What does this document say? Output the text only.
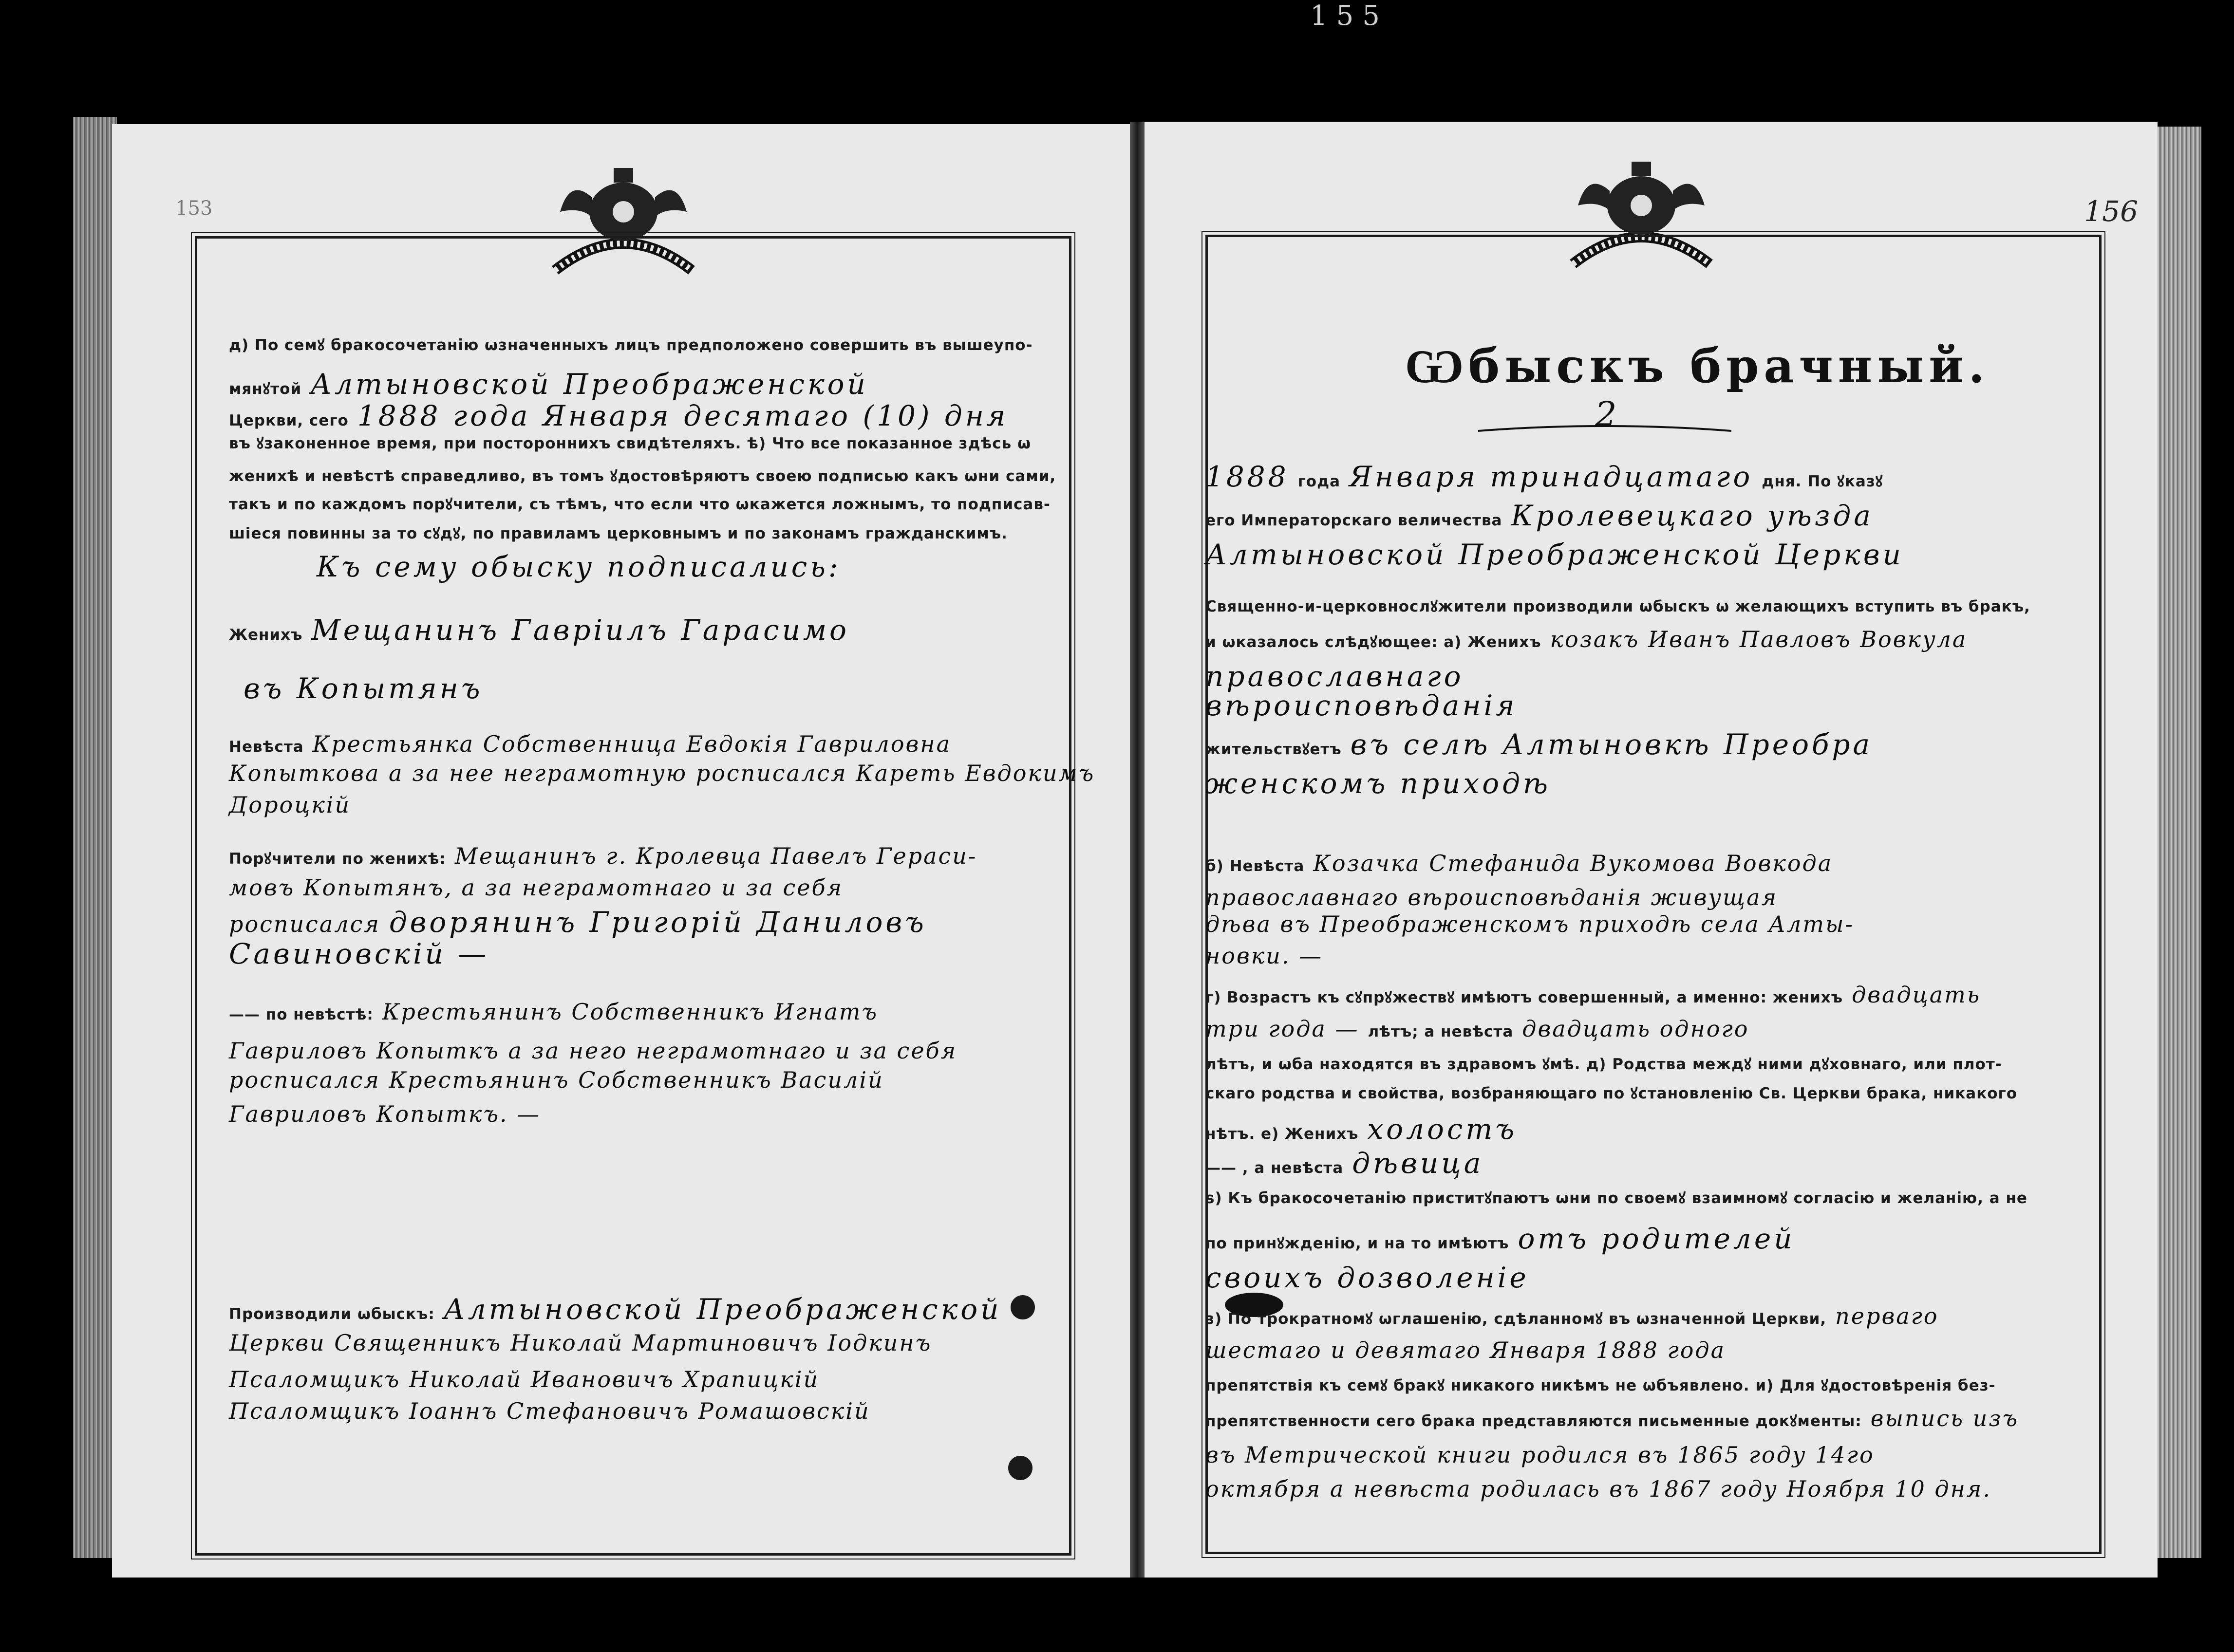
155
153
д) По семꙋ бракосочетанію ѡзначенныхъ лицъ предположено совершить въ вышеупо-
мянꙋтой Алтыновской Преображенской
Церкви, сего 1888 года Января десятаго (10) дня
въ ꙋзаконенное время, при постороннихъ свидѣтеляхъ. ѣ) Что все показанное здѣсь ѡ
женихѣ и невѣстѣ справедливо, въ томъ ꙋдостовѣряютъ своею подписью какъ ѡни сами,
такъ и по каждомъ порꙋчители, съ тѣмъ, что если что ѡкажется ложнымъ, то подписав-
шіеся повинны за то сꙋдꙋ, по правиламъ церковнымъ и по законамъ гражданскимъ.
Къ сему обыску подписались:
Женихъ Мещанинъ Гавріилъ Гарасимо
въ Копытянъ
Невѣста Крестьянка Собственница Евдокія Гавриловна
Копыткова а за нее неграмотную росписался Кареть Евдокимъ
Дороцкій
Порꙋчители по женихѣ: Мещанинъ г. Кролевца Павелъ Гераси-
мовъ Копытянъ, а за неграмотнаго и за себя
росписался дворянинъ Григорій Даниловъ
Савиновскій —
—— по невѣстѣ: Крестьянинъ Собственникъ Игнатъ
Гавриловъ Копыткъ а за него неграмотнаго и за себя
росписался Крестьянинъ Собственникъ Василій
Гавриловъ Копыткъ. —
Производили ѡбыскъ: Алтыновской Преображенской
Церкви Священникъ Николай Мартиновичъ Іодкинъ
Псаломщикъ Николай Ивановичъ Храпицкій
Псаломщикъ Іоаннъ Стефановичъ Ромашовскій
156
Ѡбыскъ брачный.
2
1888 года Января тринадцатаго дня. По ꙋказꙋ
его Императорскаго величества Кролевецкаго уѣзда
Алтыновской Преображенской Церкви
Священно-и-церковнослꙋжители производили ѡбыскъ ѡ желающихъ вступить въ бракъ,
и ѡказалось слѣдꙋющее: а) Женихъ козакъ Иванъ Павловъ Вовкула
православнаго
вѣроисповѣданія
жительствꙋетъ въ селѣ Алтыновкѣ Преобра
женскомъ приходѣ
б) Невѣста Козачка Стефанида Вукомова Вовкода
православнаго вѣроисповѣданія живущая
дѣва въ Преображенскомъ приходѣ села Алты-
новки. —
г) Возрастъ къ сꙋпрꙋжествꙋ имѣютъ совершенный, а именно: женихъ двадцать
три года — лѣтъ; а невѣста двадцать одного
лѣтъ, и ѡба находятся въ здравомъ ꙋмѣ. д) Родства междꙋ ними дꙋховнаго, или плот-
скаго родства и свойства, возбраняющаго по ꙋстановленію Св. Церкви брака, никакого
нѣтъ. е) Женихъ холостъ
—— , а невѣста дѣвица
ѕ) Къ бракосочетанію приститꙋпаютъ ѡни по своемꙋ взаимномꙋ согласію и желанію, а не
по принꙋжденію, и на то имѣютъ отъ родителей
своихъ дозволеніе
з) По трократномꙋ ѡглашенію, сдѣланномꙋ въ ѡзначенной Церкви, перваго
шестаго и девятаго Января 1888 года
препятствія къ семꙋ бракꙋ никакого никѣмъ не ѡбъявлено. и) Для ꙋдостовѣренія без-
препятственности сего брака представляются письменные докꙋменты: выпись изъ
въ Метрической книги родился въ 1865 году 14го
октября а невѣста родилась въ 1867 году Ноября 10 дня.
